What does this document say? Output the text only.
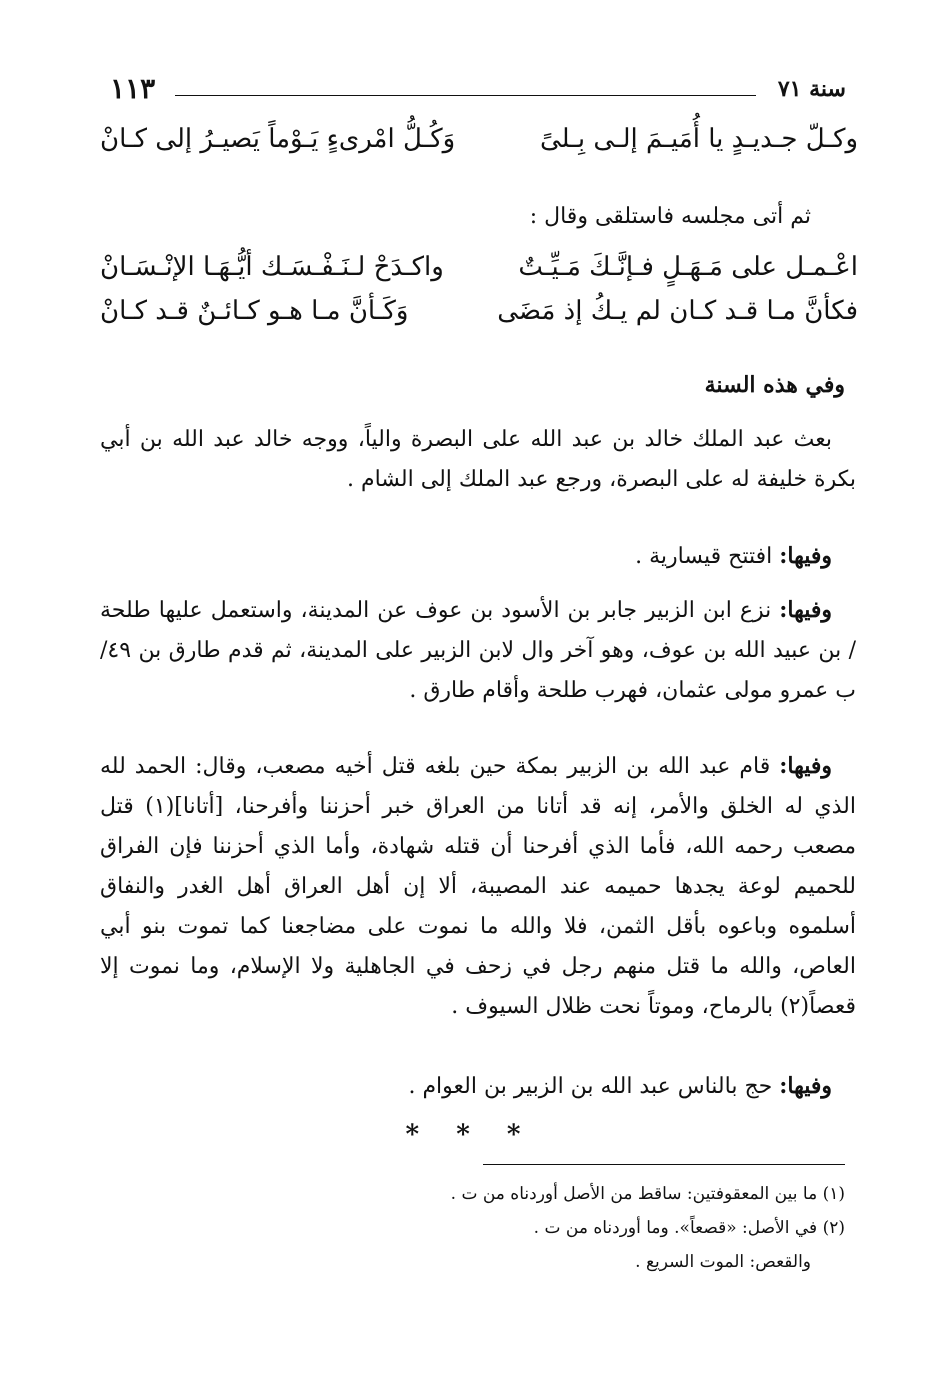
سنة ٧١
١١٣
وكـلّ جـديـدٍ يا أُمَيـمَ إلـى بِـلىً
وَكُـلُّ امْرىءٍ يَـوْماً يَصيـرُ إلى كـانْ
ثم أتى مجلسه فاستلقى وقال :
اعْـمـل على مَـهَـلٍ فـإنَّـكَ مَـيِّـتٌ
واكـدَحْ لـنَـفْـسَـك أيُّـهَـا الإنْـسَـانْ
فكأنَّ مـا قـد كـان لم يـكُ إذ مَضَى
وَكَـأنَّ مـا هـو كـائـنٌ قـد كـانْ
وفي هذه السنة

بعث عبد الملك خالد بن عبد الله على البصرة والياً، ووجه خالد عبد الله بن أبي بكرة خليفة له على البصرة، ورجع عبد الملك إلى الشام .

وفيها: افتتح قيسارية .

وفيها: نزع ابن الزبير جابر بن الأسود بن عوف عن المدينة، واستعمل عليها طلحة / بن عبيد الله بن عوف، وهو آخر وال لابن الزبير على المدينة، ثم قدم طارق بن ٤٩/ب عمرو مولى عثمان، فهرب طلحة وأقام طارق .

وفيها: قام عبد الله بن الزبير بمكة حين بلغه قتل أخيه مصعب، وقال: الحمد لله الذي له الخلق والأمر، إنه قد أتانا من العراق خبر أحزننا وأفرحنا، [أتانا](١) قتل مصعب رحمه الله، فأما الذي أفرحنا أن قتله شهادة، وأما الذي أحزننا فإن الفراق للحميم لوعة يجدها حميمه عند المصيبة، ألا إن أهل العراق أهل الغدر والنفاق أسلموه وباعوه بأقل الثمن، فلا والله ما نموت على مضاجعنا كما تموت بنو أبي العاص، والله ما قتل منهم رجل في زحف في الجاهلية ولا الإسلام، وما نموت إلا قعصاً(٢) بالرماح، وموتاً نحت ظلال السيوف .

وفيها: حج بالناس عبد الله بن الزبير بن العوام .

* * *
(١) ما بين المعقوفتين: ساقط من الأصل أوردناه من ت .
(٢) في الأصل: «قصعاً». وما أوردناه من ت .
والقعص: الموت السريع .
